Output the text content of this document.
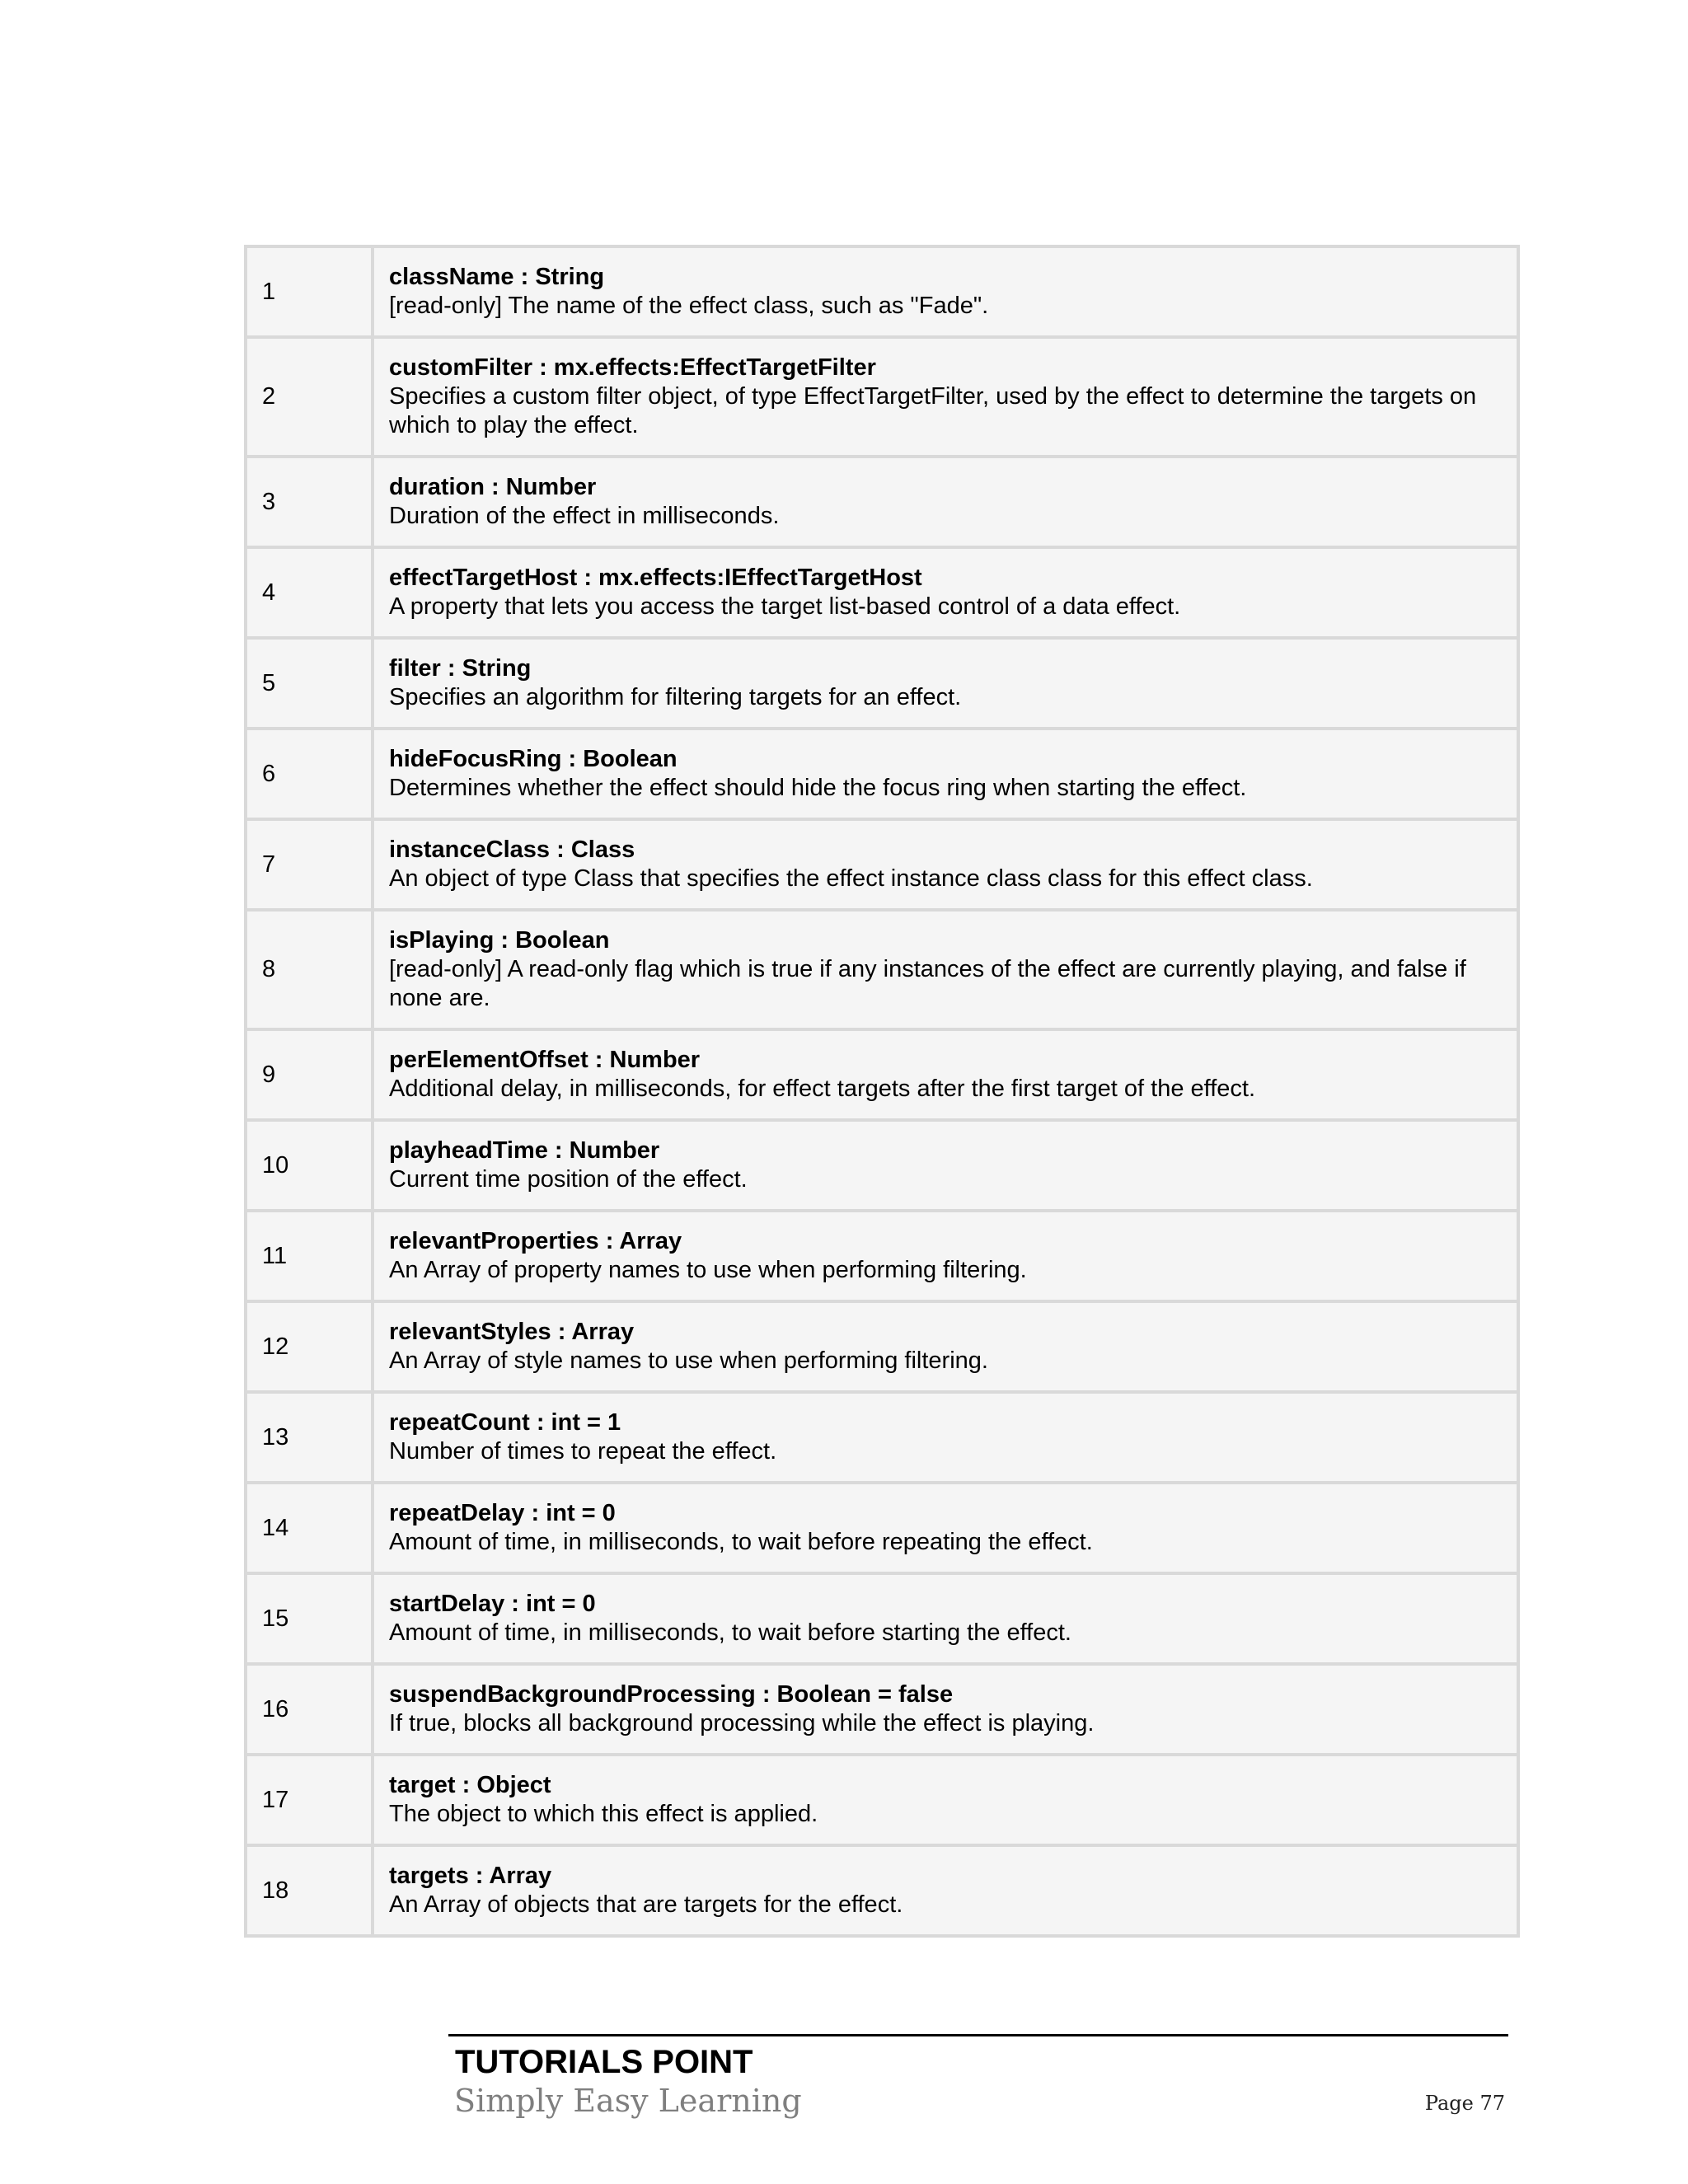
1	className : String
[read-only] The name of the effect class, such as "Fade".

2	customFilter : mx.effects:EffectTargetFilter
Specifies a custom filter object, of type EffectTargetFilter, used by the effect to determine the targets on which to play the effect.

3	duration : Number
Duration of the effect in milliseconds.

4	effectTargetHost : mx.effects:IEffectTargetHost
A property that lets you access the target list-based control of a data effect.

5	filter : String
Specifies an algorithm for filtering targets for an effect.

6	hideFocusRing : Boolean
Determines whether the effect should hide the focus ring when starting the effect.

7	instanceClass : Class
An object of type Class that specifies the effect instance class class for this effect class.

8	isPlaying : Boolean
[read-only] A read-only flag which is true if any instances of the effect are currently playing, and false if none are.

9	perElementOffset : Number
Additional delay, in milliseconds, for effect targets after the first target of the effect.

10	playheadTime : Number
Current time position of the effect.

11	relevantProperties : Array
An Array of property names to use when performing filtering.

12	relevantStyles : Array
An Array of style names to use when performing filtering.

13	repeatCount : int = 1
Number of times to repeat the effect.

14	repeatDelay : int = 0
Amount of time, in milliseconds, to wait before repeating the effect.

15	startDelay : int = 0
Amount of time, in milliseconds, to wait before starting the effect.

16	suspendBackgroundProcessing : Boolean = false
If true, blocks all background processing while the effect is playing.

17	target : Object
The object to which this effect is applied.

18	targets : Array
An Array of objects that are targets for the effect.
TUTORIALS POINT
Simply Easy Learning	Page 77
